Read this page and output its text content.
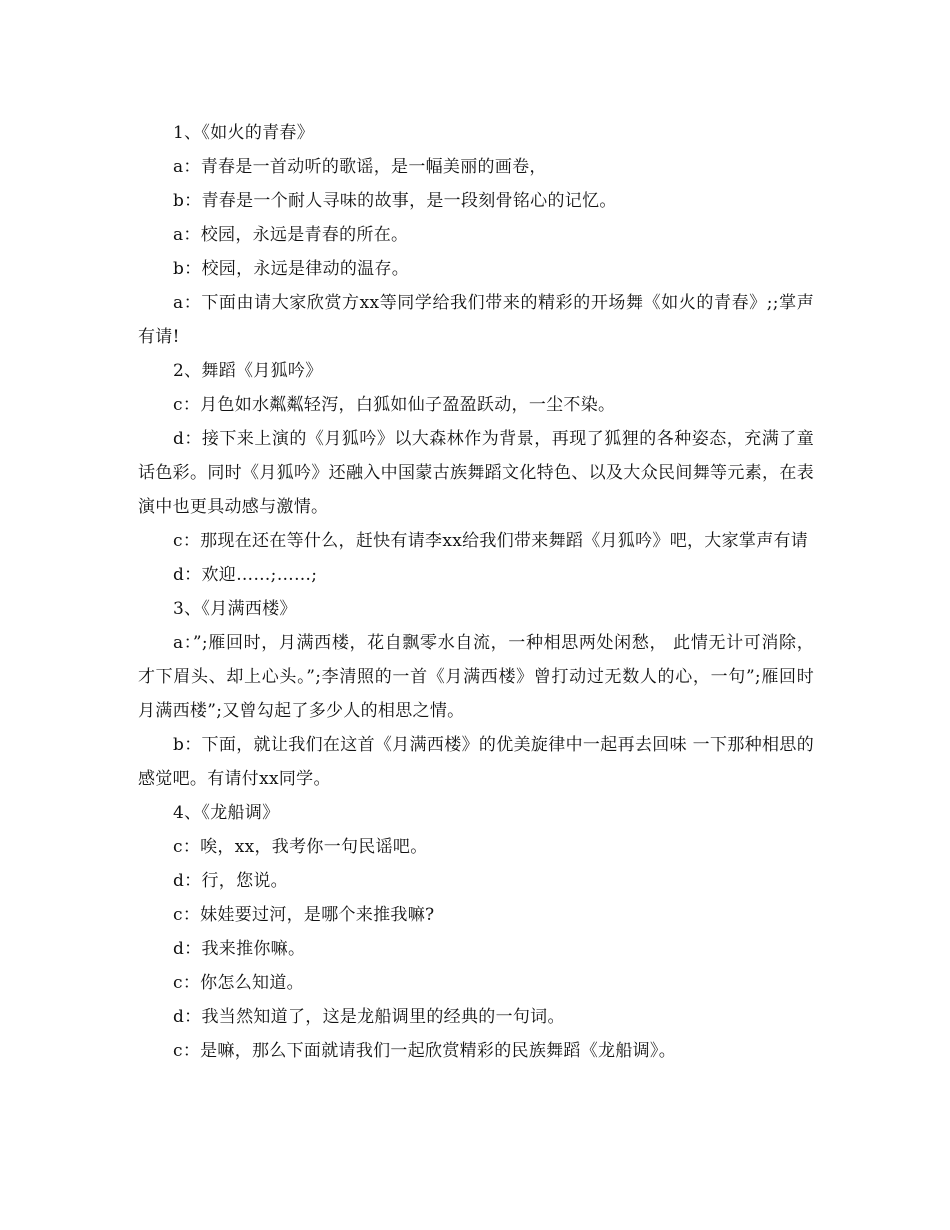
1、《如火的青春》

a：青春是一首动听的歌谣，是一幅美丽的画卷，

b：青春是一个耐人寻味的故事，是一段刻骨铭心的记忆。

a：校园，永远是青春的所在。

b：校园，永远是律动的温存。

a：下面由请大家欣赏方xx等同学给我们带来的精彩的开场舞《如火的青春》;;掌声有请!

2、舞蹈《月狐吟》

c：月色如水粼粼轻泻，白狐如仙子盈盈跃动，一尘不染。

d：接下来上演的《月狐吟》以大森林作为背景，再现了狐狸的各种姿态，充满了童话色彩。同时《月狐吟》还融入中国蒙古族舞蹈文化特色、以及大众民间舞等元素，在表演中也更具动感与激情。

c：那现在还在等什么，赶快有请李xx给我们带来舞蹈《月狐吟》吧，大家掌声有请

d：欢迎……;……;

3、《月满西楼》

a：”;雁回时，月满西楼，花自飘零水自流，一种相思两处闲愁， 此情无计可消除，才下眉头、却上心头。”;李清照的一首《月满西楼》曾打动过无数人的心，一句”;雁回时月满西楼”;又曾勾起了多少人的相思之情。

b：下面，就让我们在这首《月满西楼》的优美旋律中一起再去回味 一下那种相思的感觉吧。有请付xx同学。

4、《龙船调》

c：唉，xx，我考你一句民谣吧。

d：行，您说。

c：妹娃要过河，是哪个来推我嘛?

d：我来推你嘛。

c：你怎么知道。

d：我当然知道了，这是龙船调里的经典的一句词。

c：是嘛，那么下面就请我们一起欣赏精彩的民族舞蹈《龙船调》。
